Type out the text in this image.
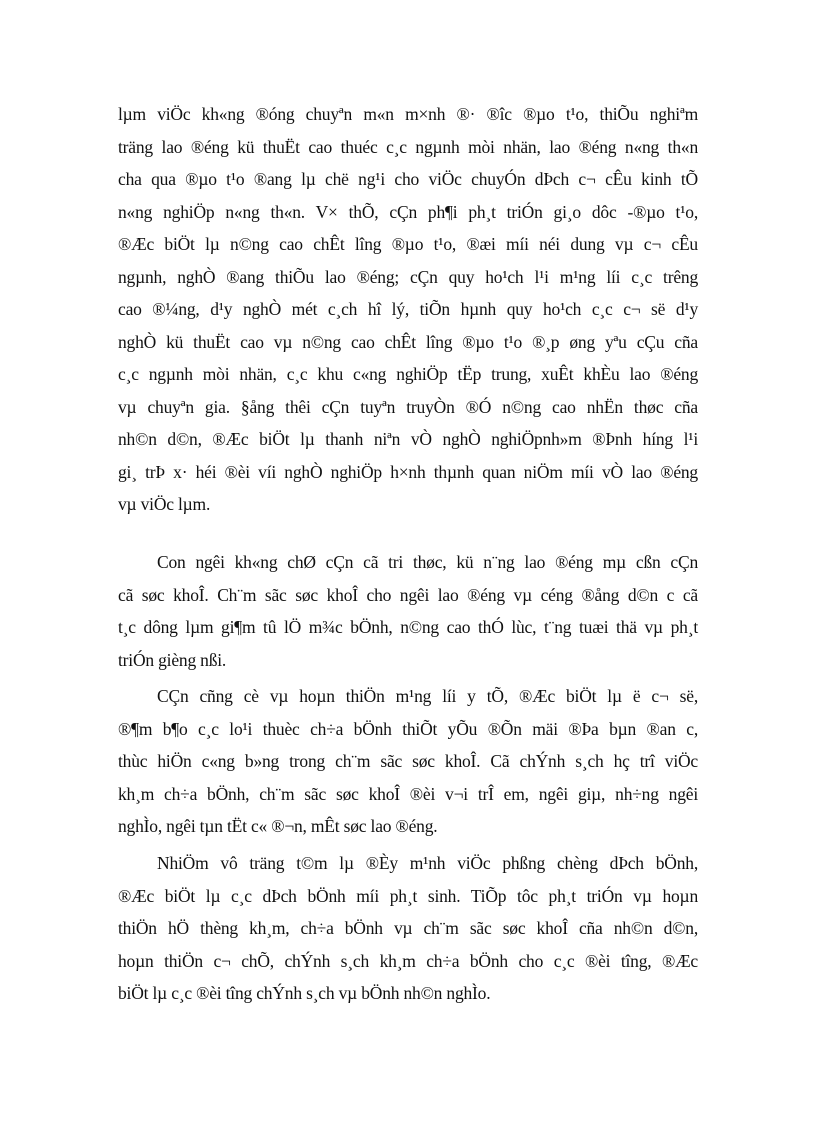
lµm viÖc kh«ng ®óng chuyªn m«n m×nh ®· ®îc ®µo t¹o, thiÕu nghiªm
träng lao ®éng kü thuËt cao thuéc c¸c ngµnh mòi nhän, lao ®éng n«ng th«n
cha qua ®µo t¹o ®ang lµ chë ng¹i cho viÖc chuyÓn dÞch c¬ cÊu kinh tÕ
n«ng nghiÖp n«ng th«n. V× thÕ, cÇn ph¶i ph¸t triÓn gi¸o dôc -®µo t¹o,
®Æc biÖt lµ n©ng cao chÊt lîng ®µo t¹o, ®æi míi néi dung vµ c¬ cÊu
ngµnh, nghÒ ®ang thiÕu lao ®éng; cÇn quy ho¹ch l¹i m¹ng líi c¸c trêng
cao ®¼ng, d¹y nghÒ mét c¸ch hî lý, tiÕn hµnh quy ho¹ch c¸c c¬ së d¹y
nghÒ kü thuËt cao vµ n©ng cao chÊt lîng ®µo t¹o ®¸p øng yªu cÇu cña
c¸c ngµnh mòi nhän, c¸c khu c«ng nghiÖp tËp trung, xuÊt khÈu lao ®éng
vµ chuyªn gia. §ång thêi cÇn tuyªn truyÒn ®Ó n©ng cao nhËn thøc cña
nh©n d©n, ®Æc biÖt lµ thanh niªn vÒ nghÒ nghiÖpnh»m ®Þnh híng l¹i
gi¸ trÞ x· héi ®èi víi nghÒ nghiÖp h×nh thµnh quan niÖm míi vÒ lao ®éng
vµ viÖc lµm.
Con ngêi kh«ng chØ cÇn cã tri thøc, kü n¨ng lao ®éng mµ cßn cÇn
cã søc khoÎ. Ch¨m sãc søc khoÎ cho ngêi lao ®éng vµ céng ®ång d©n c cã
t¸c dông lµm gi¶m tû lÖ m¾c bÖnh, n©ng cao thÓ lùc, t¨ng tuæi thä vµ ph¸t
triÓn gièng nßi.
CÇn cñng cè vµ hoµn thiÖn m¹ng líi y tÕ, ®Æc biÖt lµ ë c¬ së,
®¶m b¶o c¸c lo¹i thuèc ch÷a bÖnh thiÕt yÕu ®Õn mäi ®Þa bµn ®an c,
thùc hiÖn c«ng b»ng trong ch¨m sãc søc khoÎ. Cã chÝnh s¸ch hç trî viÖc
kh¸m ch÷a bÖnh, ch¨m sãc søc khoÎ ®èi v¬i trÎ em, ngêi giµ, nh÷ng ngêi
nghÌo, ngêi tµn tËt c« ®¬n, mÊt søc lao ®éng.
NhiÖm vô träng t©m lµ ®Èy m¹nh viÖc phßng chèng dÞch bÖnh,
®Æc biÖt lµ c¸c dÞch bÖnh míi ph¸t sinh. TiÕp tôc ph¸t triÓn vµ hoµn
thiÖn hÖ thèng kh¸m, ch÷a bÖnh vµ ch¨m sãc søc khoÎ cña nh©n d©n,
hoµn thiÖn c¬ chÕ, chÝnh s¸ch kh¸m ch÷a bÖnh cho c¸c ®èi tîng, ®Æc
biÖt lµ c¸c ®èi tîng chÝnh s¸ch vµ bÖnh nh©n nghÌo.
